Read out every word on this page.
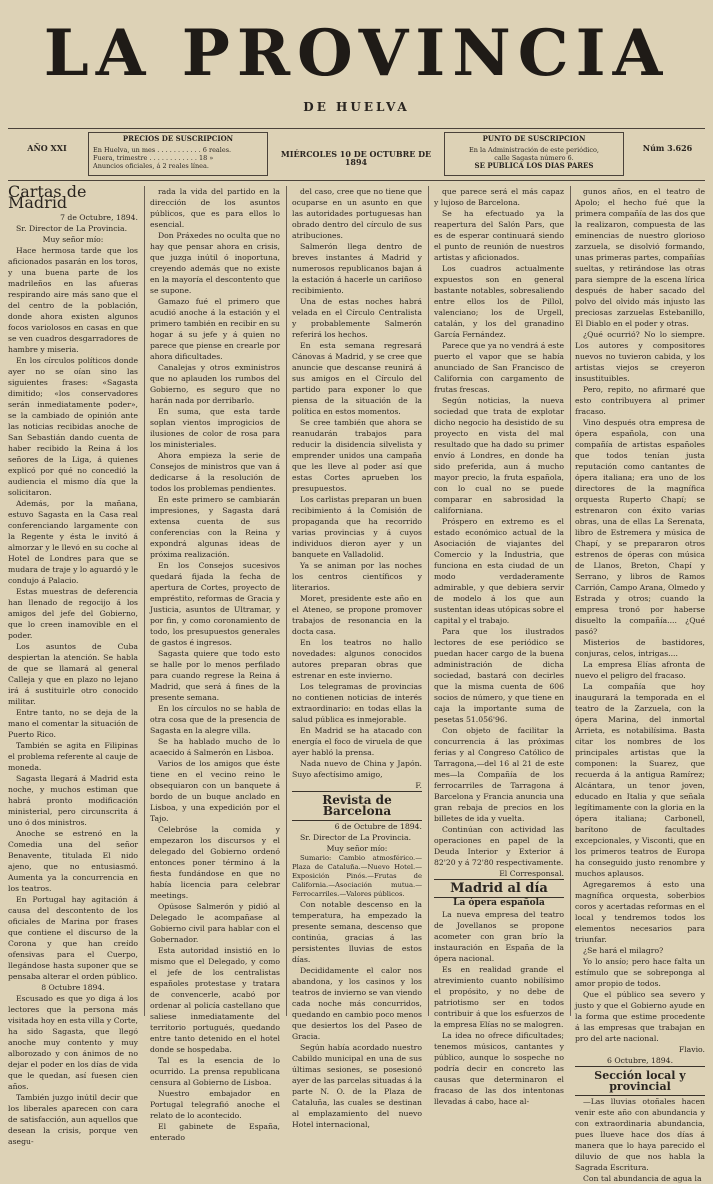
LA PROVINCIA
DE HUELVA
AÑO XXI
PRECIOS DE SUSCRIPCION
En Huelva, un mes . . . . . . . . . . . 6 reales.
Fuera, trimestre . . . . . . . . . . . . 18 »
Anuncios oficiales, á 2 reales línea.
MIÉRCOLES 10 DE OCTUBRE DE 1894
PUNTO DE SUSCRIPCION
En la Administración de este periódico,
calle Sagasta número 6.
SE PUBLICA LOS DIAS PARES
Núm 3.626

Cartas de Madrid

7 de Octubre, 1894.

Sr. Director de La Provincia.

Muy señor mío:

Hace hermosa tarde que los aficionados pasarán en los toros, y una buena parte de los madrileños en las afueras respirando aire más sano que el del centro de la población, donde ahora existen algunos focos variolosos en casas en que se ven cuadros desgarradores de hambre y miseria.

En los círculos políticos donde ayer no se oían sino las siguientes frases: «Sagasta dimitido; «los conservadores serán inmediatamente poder», se la cambiado de opinión ante las noticias recibidas anoche de San Sebastián dando cuenta de haber recibido la Reina á los señores de la Liga, á quienes explicó por qué no concedió la audiencia el mismo día que la solicitaron.

Además, por la mañana, estuvo Sagasta en la Casa real conferenciando largamente con la Regente y ésta le invitó á almorzar y le llevó en su coche al Hotel de Londres para que se mudara de traje y lo aguardó y le condujo á Palacio.

Estas muestras de deferencia han llenado de regocijo á los amigos del jefe del Gobierno, que lo creen inamovible en el poder.

Los asuntos de Cuba despiertan la atención. Se habla de que se llamará al general Calleja y que en plazo no lejano irá á sustituirle otro conocido militar.

Entre tanto, no se deja de la mano el comentar la situación de Puerto Rico.

También se agita en Filipinas el problema referente al cauje de moneda.

Sagasta llegará á Madrid esta noche, y muchos estiman que habrá pronto modificación ministerial, pero circunscrita á uno ó dos ministros.

Anoche se estrenó en la Comedia una del señor Benavente, titulada El nido ajeno, que no entusiasmó. Aumenta ya la concurrencia en los teatros.

En Portugal hay agitación á causa del descontento de los oficiales de Marina por frases que contiene el discurso de la Corona y que han creído ofensivas para el Cuerpo, llegándose hasta suponer que se pensaba alterar el orden público.

8 Octubre 1894.

Escusado es que yo diga á los lectores que la persona más visitada hoy en esta villa y Corte, ha sido Sagasta, que llegó anoche muy contento y muy alborozado y con ánimos de no dejar el poder en los días de vida que le quedan, así fuesen cien años.

También juzgo inútil decir que los liberales aparecen con cara de satisfacción, aun aquellos que desean la crisis, porque ven asegu-

rada la vida del partido en la dirección de los asuntos públicos, que es para ellos lo esencial.

Don Práxedes no oculta que no hay que pensar ahora en crisis, que juzga inútil ó inoportuna, creyendo además que no existe en la mayoría el descontento que se supone.

Gamazo fué el primero que acudió anoche á la estación y el primero también en recibir en su hogar á su jefe y á quien no parece que piense en crearle por ahora dificultades.

Canalejas y otros exministros que no aplauden los rumbos del Gobierno, es seguro que no harán nada por derribarlo.

En suma, que esta tarde soplan vientos improgicios de ilusiones de color de rosa para los ministeriales.

Ahora empieza la serie de Consejos de ministros que van á dedicarse á la resolución de todos los problemas pendientes.

En este primero se cambiarán impresiones, y Sagasta dará extensa cuenta de sus conferencias con la Reina y expondrá algunas ideas de próxima realización.

En los Consejos sucesivos quedará fijada la fecha de apertura de Cortes, proyecto de empréstito, reformas de Gracia y Justicia, asuntos de Ultramar, y por fin, y como coronamiento de todo, los presupuestos generales de gastos é ingresos.

Sagasta quiere que todo esto se halle por lo menos perfilado para cuando regrese la Reina á Madrid, que será á fines de la presente semana.

En los círculos no se habla de otra cosa que de la presencia de Sagasta en la alegre villa.

Se ha hablado mucho de lo acaecido á Salmerón en Lisboa.

Varios de los amigos que éste tiene en el vecino reino le obsequiaron con un banquete á bordo de un buque anclado en Lisboa, y una expedición por el Tajo.

Celebróse la comida y empezaron los discursos y el delegado del Gobierno ordenó entonces poner término á la fiesta fundándose en que no había licencia para celebrar meetings.

Opúsose Salmerón y pidió al Delegado le acompañase al Gobierno civil para hablar con el Gobernador.

Esta autoridad insistió en lo mismo que el Delegado, y como el jefe de los centralistas españoles protestase y tratara de convencerle, acabó por ordenar al policía castellano que saliese inmediatamente del territorio portugués, quedando entre tanto detenido en el hotel donde se hospedaba.

Tal es la esencia de lo ocurrido. La prensa republicana censura al Gobierno de Lisboa.

Nuestro embajador en Portugal telegrafió anoche el relato de lo acontecido.

El gabinete de España, enterado

del caso, cree que no tiene que ocuparse en un asunto en que las autoridades portuguesas han obrado dentro del círculo de sus atribuciones.

Salmerón llega dentro de breves instantes á Madrid y numerosos republicanos bajan á la estación á hacerle un cariñoso recibimiento.

Una de estas noches habrá velada en el Círculo Centralista y probablemente Salmerón referirá los hechos.

En esta semana regresará Cánovas á Madrid, y se cree que anuncie que descanse reunirá á sus amigos en el Círculo del partido para exponer lo que piensa de la situación de la política en estos momentos.

Se cree también que ahora se reanudarán trabajos para reducir la disidencia silvelista y emprender unidos una campaña que les lleve al poder así que estas Cortes aprueben los presupuestos.

Los carlistas preparan un buen recibimiento á la Comisión de propaganda que ha recorrido varias provincias y á cuyos individuos dieron ayer y un banquete en Valladolid.

Ya se animan por las noches los centros científicos y literarios.

Moret, presidente este año en el Ateneo, se propone promover trabajos de resonancia en la docta casa.

En los teatros no hallo novedades: algunos conocidos autores preparan obras que estrenar en este invierno.

Los telegramas de provincias no contienen noticias de interés extraordinario: en todas ellas la salud pública es inmejorable.

En Madrid se ha atacado con energía el foco de viruela de que ayer habló la prensa.

Nada nuevo de China y Japón. Suyo afectísimo amigo,

F.

Revista de Barcelona

6 de Octubre de 1894.

Sr. Director de La Provincia.

Muy señor mío:

Sumario: Cambio atmosférico.—Plaza de Cataluña.—Nuevo Hotel.—Exposición Pinós.—Frutas de California.—Asociación mutua.—Ferrocarriles.—Valores públicos.

Con notable descenso en la temperatura, ha empezado la presente semana, descenso que continúa, gracias á las persistentes lluvias de estos días.

Decididamente el calor nos abandona, y los casinos y los teatros de invierno se van viendo cada noche más concurridos, quedando en cambio poco menos que desiertos los del Paseo de Gracia.

Según había acordado nuestro Cabildo municipal en una de sus últimas sesiones, se posesionó ayer de las parcelas situadas á la parte N. O. de la Plaza de Cataluña, las cuales se destinan al emplazamiento del nuevo Hotel internacional,

que parece será el más capaz y lujoso de Barcelona.

Se ha efectuado ya la reapertura del Salón Pars, que es de esperar continuará siendo el punto de reunión de nuestros artistas y aficionados.

Los cuadros actualmente expuestos son en general bastante notables, sobresaliendo entre ellos los de Pillol, valenciano; los de Urgell, catalán, y los del granadino García Fernández.

Parece que ya no vendrá á este puerto el vapor que se había anunciado de San Francisco de California con cargamento de frutas frescas.

Según noticias, la nueva sociedad que trata de explotar dicho negocio ha desistido de su proyecto en vista del mal resultado que ha dado su primer envío á Londres, en donde ha sido preferida, aun á mucho mayor precio, la fruta española, con lo cual no se puede comparar en sabrosidad la californiana.

Próspero en extremo es el estado económico actual de la Asociación de viajantes del Comercio y la Industria, que funciona en esta ciudad de un modo verdaderamente admirable, y que debiera servir de modelo á los que aun sustentan ideas utópicas sobre el capital y el trabajo.

Para que los ilustrados lectores de ese periódico se puedan hacer cargo de la buena administración de dicha sociedad, bastará con decirles que la misma cuenta de 606 socios de número, y que tiene en caja la importante suma de pesetas 51.056'96.

Con objeto de facilitar la concurrencia á las próximas ferias y al Congreso Católico de Tarragona,—del 16 al 21 de este mes—la Compañía de los ferrocarriles de Tarragona á Barcelona y Francia anuncia una gran rebaja de precios en los billetes de ida y vuelta.

Continúan con actividad las operaciones en papel de la Deuda Interior y Exterior á 82'20 y á 72'80 respectivamente.

El Corresponsal.

Madrid al día

La ópera española

La nueva empresa del teatro de Jovellanos se propone acometer con gran brío la instauración en España de la ópera nacional.

Es en realidad grande el atrevimiento cuanto nobilísimo el propósito, y no debe de patriotismo ser en todos contribuir á que los esfuerzos de la empresa Elías no se malogren.

La idea no ofrece dificultades; tenemos músicos, cantantes y público, aunque lo sospeche no podría decir en concreto las causas que determinaron el fracaso de las dos intentonas llevadas á cabo, hace al-

gunos años, en el teatro de Apolo; el hecho fué que la primera compañía de las dos que la realizaron, compuesta de las eminencias de nuestro glorioso zarzuela, se disolvió formando, unas primeras partes, compañías sueltas, y retirándose las otras para siempre de la escena lírica después de haber sacado del polvo del olvido más injusto las preciosas zarzuelas Estebanillo, El Diablo en el poder y otras.

¿Qué ocurrió? No lo siempre. Los autores y compositores nuevos no tuvieron cabida, y los artistas viejos se creyeron insustituibles.

Pero, repito, no afirmaré que esto contribuyera al primer fracaso.

Vino después otra empresa de ópera española, con una compañía de artistas españoles que todos tenían justa reputación como cantantes de ópera italiana; era uno de los directores de la magnífica orquesta Ruperto Chapí; se estrenaron con éxito varias obras, una de ellas La Serenata, libro de Estremera y música de Chapí, y se prepararon otros estrenos de óperas con música de Llanos, Breton, Chapí y Serrano, y libros de Ramos Carrión, Campo Arana, Olmedo y Estrada y otros; cuando la empresa tronó por haberse disuelto la compañía.... ¿Qué pasó?

Misterios de bastidores, conjuras, celos, intrigas....

La empresa Elías afronta de nuevo el peligro del fracaso.

La compañía que hoy inaugurará la temporada en el teatro de la Zarzuela, con la ópera Marina, del inmortal Arrieta, es notabilísima. Basta citar los nombres de los principales artistas que la componen: la Suarez, que recuerda á la antigua Ramírez; Alcántara, un tenor joven, educado en Italia y que señala legítimamente con la gloria en la ópera italiana; Carbonell, barítono de facultades excepcionales, y Visconti, que en los primeros teatros de Europa ha conseguido justo renombre y muchos aplausos.

Agregaremos á esto una magnífica orquesta, soberbios coros y acertadas reformas en el local y tendremos todos los elementos necesarios para triunfar.

¿Se hará el milagro?

Yo lo ansío; pero hace falta un estímulo que se sobreponga al amor propio de todos.

Que el público sea severo y justo y que el Gobierno ayude en la forma que estime procedente á las empresas que trabajan en pro del arte nacional.

Flavio.

6 Octubre, 1894.

Sección local y provincial

—Las lluvias otoñales hacen venir este año con abundancia y con extraordinaria abundancia, pues llueve hace dos días á manera que lo haya parecido el diluvio de que nos habla la Sagrada Escritura.

Con tal abundancia de agua la
